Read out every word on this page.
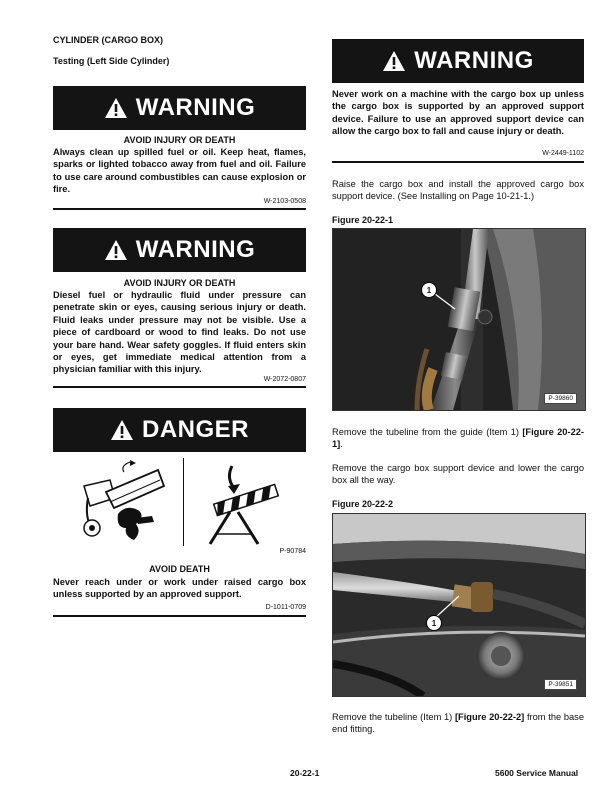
CYLINDER (CARGO BOX)
Testing (Left Side Cylinder)
WARNING
AVOID INJURY OR DEATH

Always clean up spilled fuel or oil. Keep heat, flames, sparks or lighted tobacco away from fuel and oil. Failure to use care around combustibles can cause explosion or fire.

W-2103-0508
WARNING
AVOID INJURY OR DEATH

Diesel fuel or hydraulic fluid under pressure can penetrate skin or eyes, causing serious injury or death. Fluid leaks under pressure may not be visible. Use a piece of cardboard or wood to find leaks. Do not use your bare hand. Wear safety goggles. If fluid enters skin or eyes, get immediate medical attention from a physician familiar with this injury.

W-2072-0807
DANGER
P-90784
AVOID DEATH

Never reach under or work under raised cargo box unless supported by an approved support.

D-1011-0709
WARNING

Never work on a machine with the cargo box up unless the cargo box is supported by an approved support device. Failure to use an approved support device can allow the cargo box to fall and cause injury or death.

W-2449-1102

Raise the cargo box and install the approved cargo box support device. (See Installing on Page 10-21-1.)

Figure 20-22-1
1
P-39860

Remove the tubeline from the guide (Item 1) [Figure 20-22-1].

Remove the cargo box support device and lower the cargo box all the way.

Figure 20-22-2
1
P-39851

Remove the tubeline (Item 1) [Figure 20-22-2] from the base end fitting.

20-22-1	5600 Service Manual
